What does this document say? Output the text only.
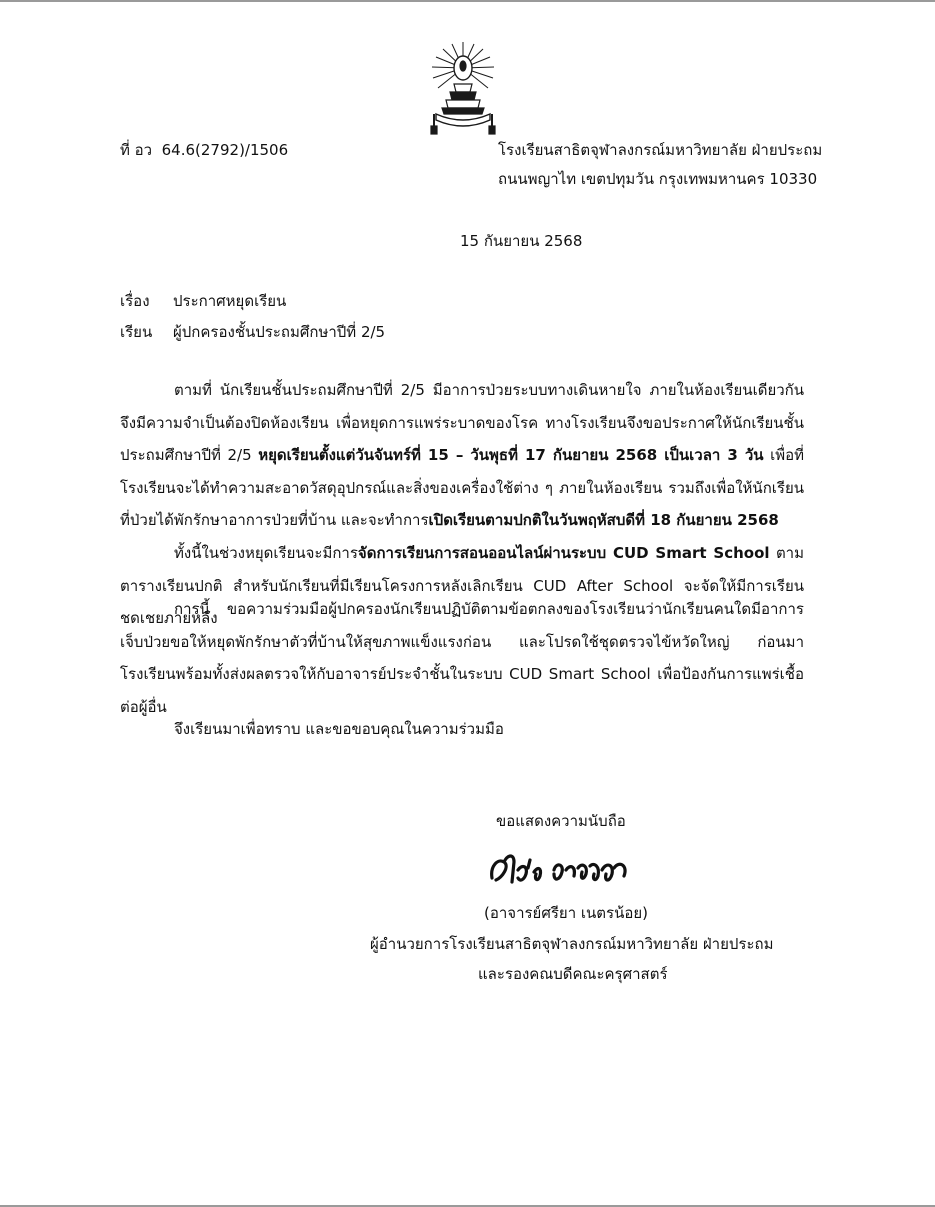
ที่ อว 64.6(2792)/1506	โรงเรียนสาธิตจุฬาลงกรณ์มหาวิทยาลัย ฝ่ายประถม
ถนนพญาไท เขตปทุมวัน กรุงเทพมหานคร 10330
15 กันยายน 2568
เรื่อง ประกาศหยุดเรียน
เรียน ผู้ปกครองชั้นประถมศึกษาปีที่ 2/5
ตามที่ นักเรียนชั้นประถมศึกษาปีที่ 2/5 มีอาการป่วยระบบทางเดินหายใจ ภายในห้องเรียนเดียวกัน จึงมีความจำเป็นต้องปิดห้องเรียน เพื่อหยุดการแพร่ระบาดของโรค ทางโรงเรียนจึงขอประกาศให้นักเรียนชั้นประถมศึกษาปีที่ 2/5 หยุดเรียนตั้งแต่วันจันทร์ที่ 15 – วันพุธที่ 17 กันยายน 2568 เป็นเวลา 3 วัน เพื่อที่โรงเรียนจะได้ทำความสะอาดวัสดุอุปกรณ์และสิ่งของเครื่องใช้ต่าง ๆ ภายในห้องเรียน รวมถึงเพื่อให้นักเรียนที่ป่วยได้พักรักษาอาการป่วยที่บ้าน และจะทำการเปิดเรียนตามปกติในวันพฤหัสบดีที่ 18 กันยายน 2568
ทั้งนี้ในช่วงหยุดเรียนจะมีการจัดการเรียนการสอนออนไลน์ผ่านระบบ CUD Smart School ตามตารางเรียนปกติ สำหรับนักเรียนที่มีเรียนโครงการหลังเลิกเรียน CUD After School จะจัดให้มีการเรียนชดเชยภายหลัง
การนี้ ขอความร่วมมือผู้ปกครองนักเรียนปฏิบัติตามข้อตกลงของโรงเรียนว่านักเรียนคนใดมีอาการเจ็บป่วยขอให้หยุดพักรักษาตัวที่บ้านให้สุขภาพแข็งแรงก่อน และโปรดใช้ชุดตรวจไข้หวัดใหญ่ ก่อนมาโรงเรียนพร้อมทั้งส่งผลตรวจให้กับอาจารย์ประจำชั้นในระบบ CUD Smart School เพื่อป้องกันการแพร่เชื้อต่อผู้อื่น
จึงเรียนมาเพื่อทราบ และขอขอบคุณในความร่วมมือ
ขอแสดงความนับถือ
(อาจารย์ศรียา เนตรน้อย)
ผู้อำนวยการโรงเรียนสาธิตจุฬาลงกรณ์มหาวิทยาลัย ฝ่ายประถม
และรองคณบดีคณะครุศาสตร์
